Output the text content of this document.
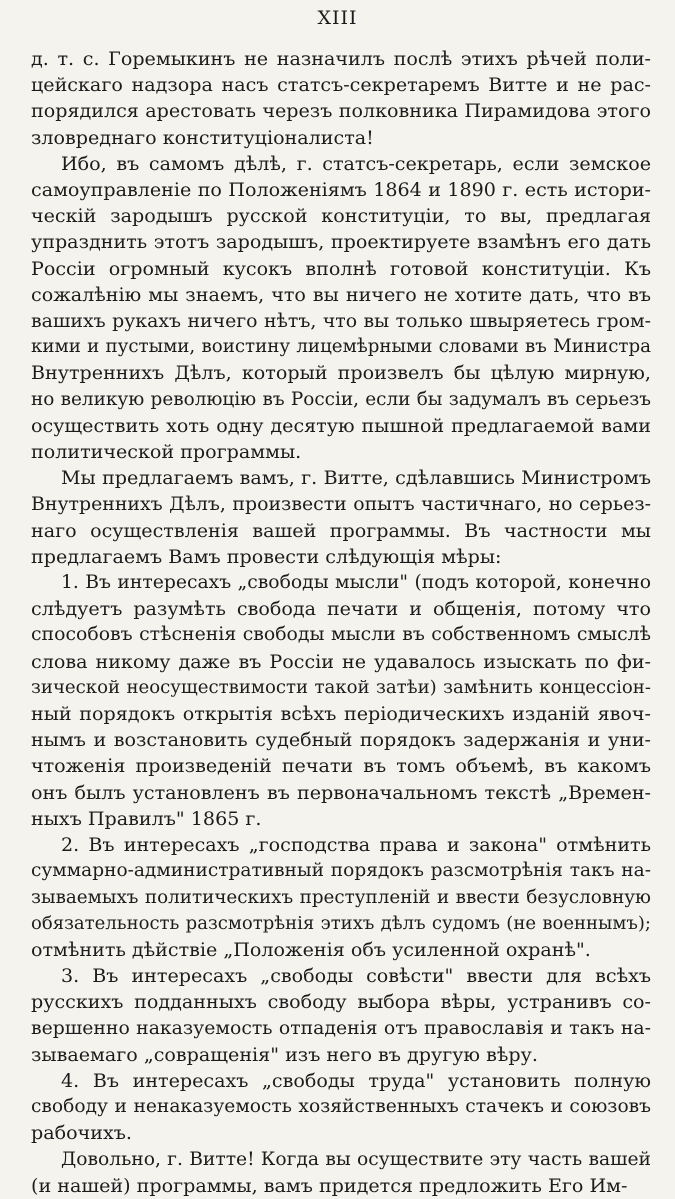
XIII
д. т. с. Горемыкинъ не назначилъ послѣ этихъ рѣчей поли-
цейскаго надзора насъ статсъ-секретаремъ Витте и не рас-
порядился арестовать черезъ полковника Пирамидова этого
зловреднаго конституціоналиста!
Ибо, въ самомъ дѣлѣ, г. статсъ-секретарь, если земское
самоуправленіе по Положеніямъ 1864 и 1890 г. есть истори-
ческій зародышъ русской конституціи, то вы, предлагая
упразднить этотъ зародышъ, проектируете взамѣнъ его дать
Россіи огромный кусокъ вполнѣ готовой конституціи. Къ
сожалѣнію мы знаемъ, что вы ничего не хотите дать, что въ
вашихъ рукахъ ничего нѣтъ, что вы только швыряетесь гром-
кими и пустыми, воистину лицемѣрными словами въ Министра
Внутреннихъ Дѣлъ, который произвелъ бы цѣлую мирную,
но великую революцію въ Россіи, если бы задумалъ въ серьезъ
осуществить хоть одну десятую пышной предлагаемой вами
политической программы.
Мы предлагаемъ вамъ, г. Витте, сдѣлавшись Министромъ
Внутреннихъ Дѣлъ, произвести опытъ частичнаго, но серьез-
наго осуществленія вашей программы. Въ частности мы
предлагаемъ Вамъ провести слѣдующія мѣры:
1. Въ интересахъ „свободы мысли" (подъ которой, конечно
слѣдуетъ разумѣть свобода печати и общенія, потому что
способовъ стѣсненія свободы мысли въ собственномъ смыслѣ
слова никому даже въ Россіи не удавалось изыскать по фи-
зической неосуществимости такой затѣи) замѣнить концессіон-
ный порядокъ открытія всѣхъ періодическихъ изданій явоч-
нымъ и возстановить судебный порядокъ задержанія и уни-
чтоженія произведеній печати въ томъ объемѣ, въ какомъ
онъ былъ установленъ въ первоначальномъ текстѣ „Времен-
ныхъ Правилъ" 1865 г.
2. Въ интересахъ „господства права и закона" отмѣнить
суммарно-административный порядокъ разсмотрѣнія такъ на-
зываемыхъ политическихъ преступленій и ввести безусловную
обязательность разсмотрѣнія этихъ дѣлъ судомъ (не военнымъ);
отмѣнить дѣйствіе „Положенія объ усиленной охранѣ".
3. Въ интересахъ „свободы совѣсти" ввести для всѣхъ
русскихъ подданныхъ свободу выбора вѣры, устранивъ со-
вершенно наказуемость отпаденія отъ православія и такъ на-
зываемаго „совращенія" изъ него въ другую вѣру.
4. Въ интересахъ „свободы труда" установить полную
свободу и ненаказуемость хозяйственныхъ стачекъ и союзовъ
рабочихъ.
Довольно, г. Витте! Когда вы осуществите эту часть вашей
(и нашей) программы, вамъ придется предложить Его Им-
